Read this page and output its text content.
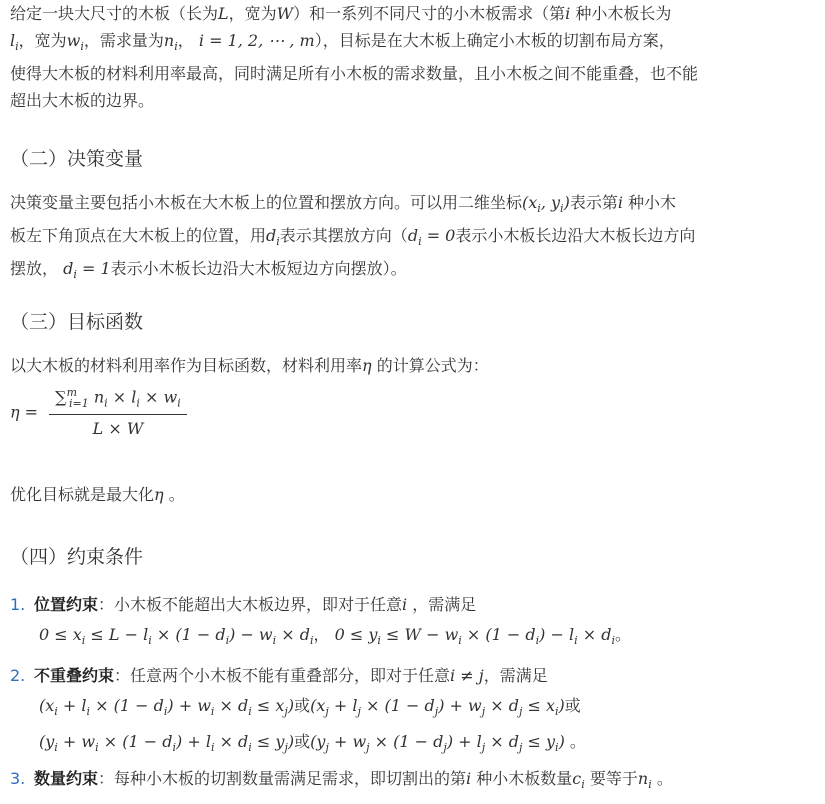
给定一块大尺寸的木板（长为L，宽为W）和一系列不同尺寸的小木板需求（第i 种小木板长为
$l_i$，宽为$w_i$，需求量为$n_i$， i = 1, 2, ⋯ , m），目标是在大木板上确定小木板的切割布局方案，
使得大木板的材料利用率最高，同时满足所有小木板的需求数量，且小木板之间不能重叠，也不能
超出大木板的边界。

（二）决策变量

决策变量主要包括小木板在大木板上的位置和摆放方向。可以用二维坐标($x_i$, $y_i$)表示第i 种小木
板左下角顶点在大木板上的位置，用$d_i$表示其摆放方向（$d_i = 0$表示小木板长边沿大木板长边方向
摆放， $d_i = 1$表示小木板长边沿大木板短边方向摆放）。

（三）目标函数

以大木板的材料利用率作为目标函数，材料利用率η 的计算公式为：

$\eta = \frac{\sum^m_{i=1} n_i \times l_i \times w_i}{L \times W}$

优化目标就是最大化η 。

（四）约束条件
1. 位置约束：小木板不能超出大木板边界，即对于任意i ，需满足
$0 \le x_i \le L - l_i \times (1 - d_i) - w_i \times d_i$， $0 \le y_i \le W - w_i \times (1 - d_i) - l_i \times d_i$。
2. 不重叠约束：任意两个小木板不能有重叠部分，即对于任意i ≠ j，需满足
$(x_i + l_i \times (1 - d_i) + w_i \times d_i \le x_j)$或$(x_j + l_j \times (1 - d_j) + w_j \times d_j \le x_i)$或
$(y_i + w_i \times (1 - d_i) + l_i \times d_i \le y_j)$或$(y_j + w_j \times (1 - d_j) + l_j \times d_j \le y_i)$ 。
3. 数量约束：每种小木板的切割数量需满足需求，即切割出的第i 种小木板数量$c_i$ 要等于$n_i$ 。
